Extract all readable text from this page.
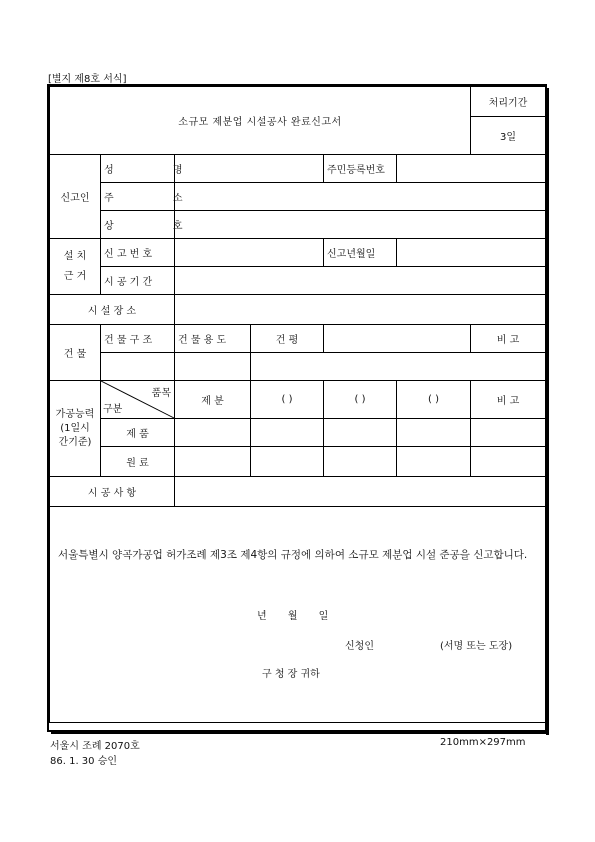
[별지 제8호 서식]
소규모 제분업 시설공사 완료신고서						처리기간
						3일
신고인	성 명			주민등록번호		
	주 소					
	상 호					
설 치
근 거	신 고 번 호			신고년월일		
	시 공 기 간					
시 설 장 소						
건 물	건 물 구 조	건 물 용 도	건 평			비 고

가공능력
(1일시
간기준)	품목
구분	제 분	( )	( )	( )	비 고
	제 품					
	원 료					
시 공 사 항						

서울특별시 양곡가공업 허가조례 제3조 제4항의 규정에 의하여 소규모 제분업 시설 준공을 신고합니다.
년 월 일
신청인 (서명 또는 도장)
구 청 장 귀하						
서울시 조례 2070호
86. 1. 30 승인
210mm×297mm
